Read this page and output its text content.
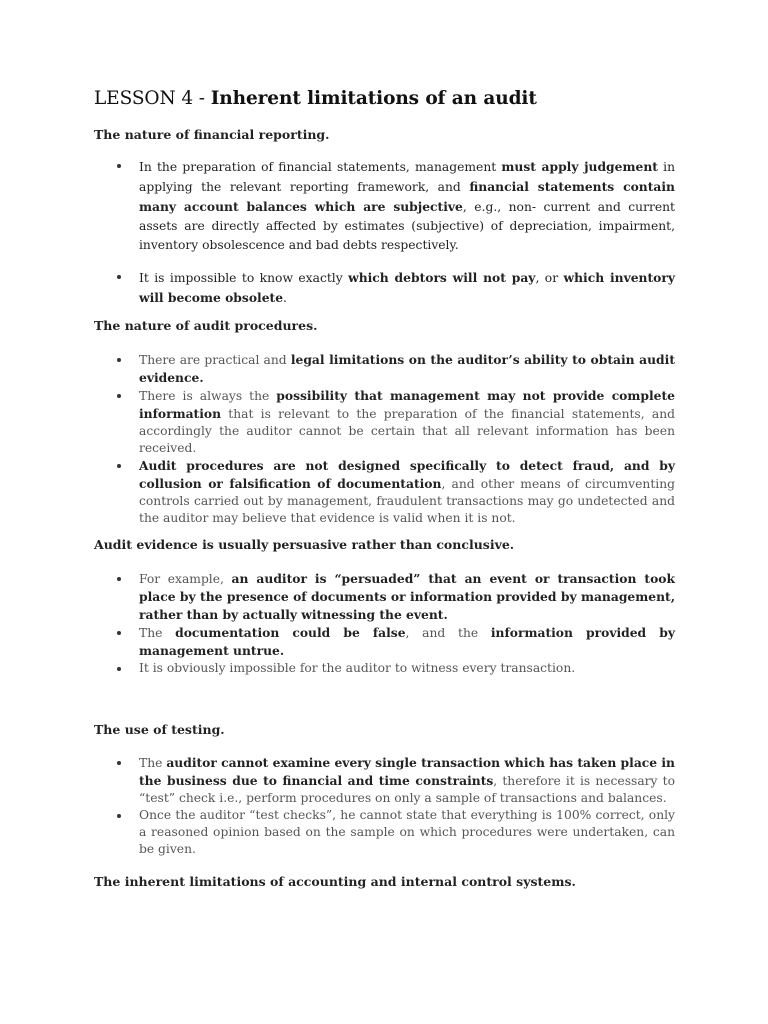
LESSON 4 - Inherent limitations of an audit

The nature of financial reporting.

In the preparation of financial statements, management must apply judgement in applying the relevant reporting framework, and financial statements contain many account balances which are subjective, e.g., non- current and current assets are directly affected by estimates (subjective) of depreciation, impairment, inventory obsolescence and bad debts respectively.
It is impossible to know exactly which debtors will not pay, or which inventory will become obsolete.

The nature of audit procedures.

There are practical and legal limitations on the auditor’s ability to obtain audit evidence.
There is always the possibility that management may not provide complete information that is relevant to the preparation of the financial statements, and accordingly the auditor cannot be certain that all relevant information has been received.
Audit procedures are not designed specifically to detect fraud, and by collusion or falsification of documentation, and other means of circumventing controls carried out by management, fraudulent transactions may go undetected and the auditor may believe that evidence is valid when it is not.

Audit evidence is usually persuasive rather than conclusive.

For example, an auditor is “persuaded” that an event or transaction took place by the presence of documents or information provided by management, rather than by actually witnessing the event.
The documentation could be false, and the information provided by management untrue.
It is obviously impossible for the auditor to witness every transaction.

The use of testing.

The auditor cannot examine every single transaction which has taken place in the business due to financial and time constraints, therefore it is necessary to “test” check i.e., perform procedures on only a sample of transactions and balances.
Once the auditor “test checks”, he cannot state that everything is 100% correct, only a reasoned opinion based on the sample on which procedures were undertaken, can be given.

The inherent limitations of accounting and internal control systems.
